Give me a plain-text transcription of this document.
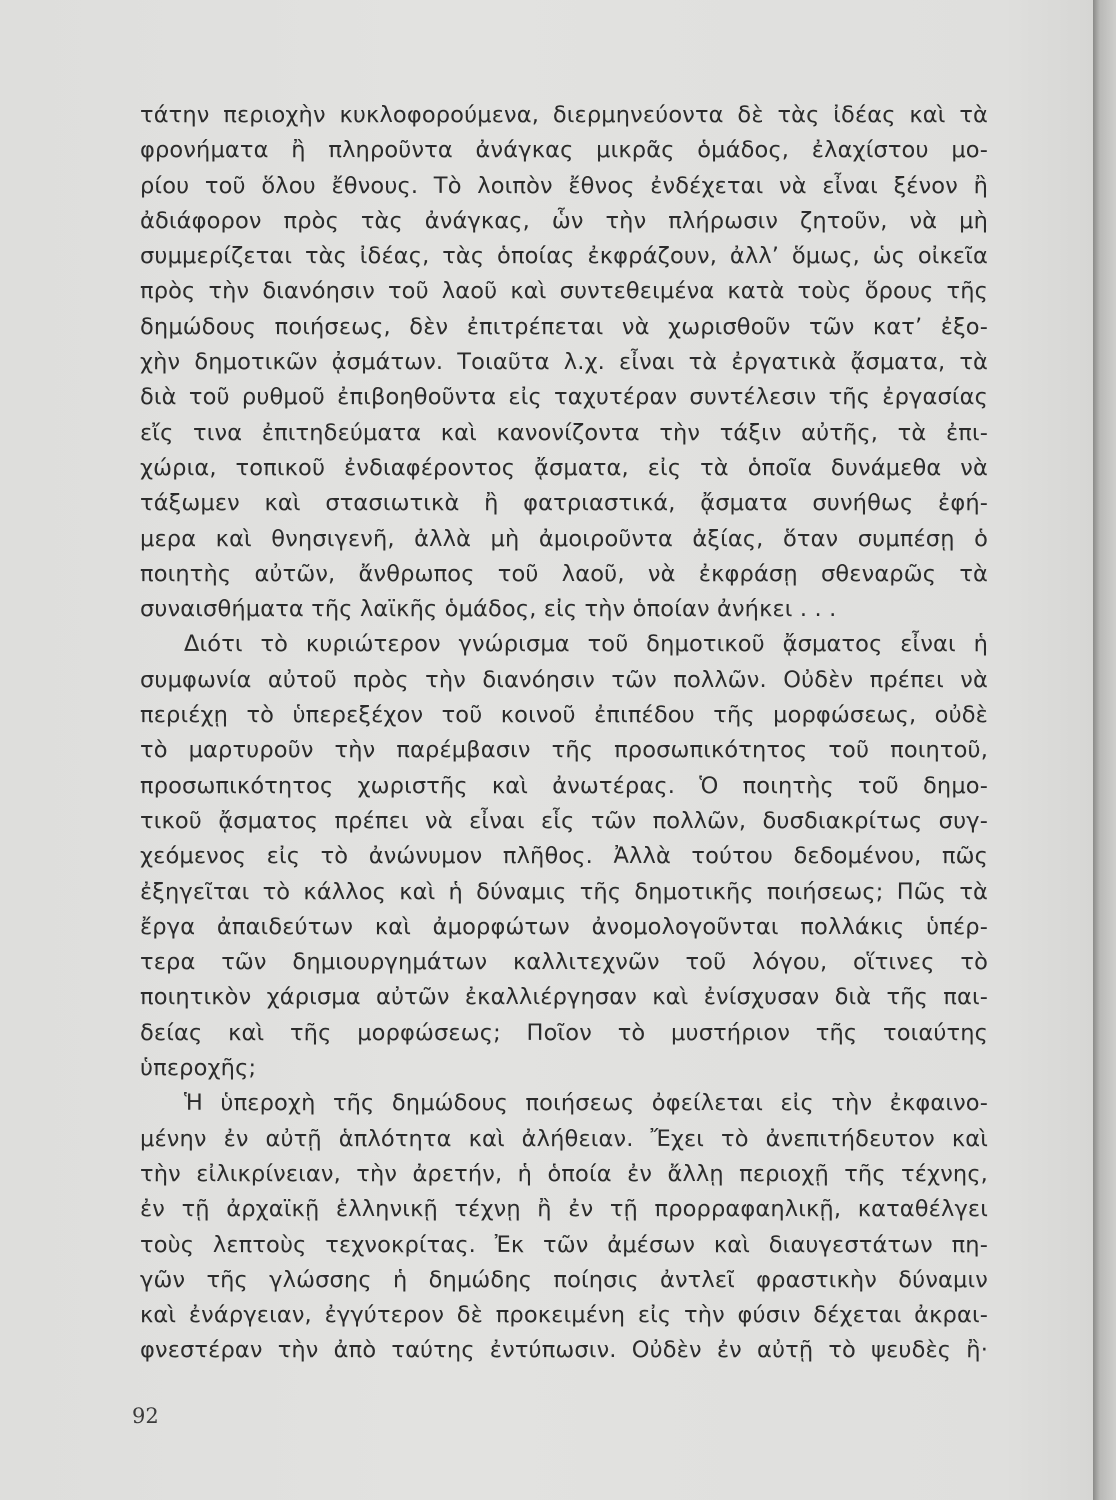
τάτην περιοχὴν κυκλοφορούμενα, διερμηνεύοντα δὲ τὰς ἰδέας καὶ τὰ
φρονήματα ἢ πληροῦντα ἀνάγκας μικρᾶς ὁμάδος, ἐλαχίστου μο-
ρίου τοῦ ὅλου ἔθνους. Τὸ λοιπὸν ἔθνος ἐνδέχεται νὰ εἶναι ξένον ἢ
ἀδιάφορον πρὸς τὰς ἀνάγκας, ὧν τὴν πλήρωσιν ζητοῦν, νὰ μὴ
συμμερίζεται τὰς ἰδέας, τὰς ὁποίας ἐκφράζουν, ἀλλ’ ὅμως, ὡς οἰκεῖα
πρὸς τὴν διανόησιν τοῦ λαοῦ καὶ συντεθειμένα κατὰ τοὺς ὅρους τῆς
δημώδους ποιήσεως, δὲν ἐπιτρέπεται νὰ χωρισθοῦν τῶν κατ’ ἐξο-
χὴν δημοτικῶν ᾀσμάτων. Τοιαῦτα λ.χ. εἶναι τὰ ἐργατικὰ ᾄσματα, τὰ
διὰ τοῦ ρυθμοῦ ἐπιβοηθοῦντα εἰς ταχυτέραν συντέλεσιν τῆς ἐργασίας
εἴς τινα ἐπιτηδεύματα καὶ κανονίζοντα τὴν τάξιν αὐτῆς, τὰ ἐπι-
χώρια, τοπικοῦ ἐνδιαφέροντος ᾄσματα, εἰς τὰ ὁποῖα δυνάμεθα νὰ
τάξωμεν καὶ στασιωτικὰ ἢ φατριαστικά, ᾄσματα συνήθως ἐφή-
μερα καὶ θνησιγενῆ, ἀλλὰ μὴ ἀμοιροῦντα ἀξίας, ὅταν συμπέσῃ ὁ
ποιητὴς αὐτῶν, ἄνθρωπος τοῦ λαοῦ, νὰ ἐκφράσῃ σθεναρῶς τὰ
συναισθήματα τῆς λαϊκῆς ὁμάδος, εἰς τὴν ὁποίαν ἀνήκει . . .
Διότι τὸ κυριώτερον γνώρισμα τοῦ δημοτικοῦ ᾄσματος εἶναι ἡ
συμφωνία αὐτοῦ πρὸς τὴν διανόησιν τῶν πολλῶν. Οὐδὲν πρέπει νὰ
περιέχῃ τὸ ὑπερεξέχον τοῦ κοινοῦ ἐπιπέδου τῆς μορφώσεως, οὐδὲ
τὸ μαρτυροῦν τὴν παρέμβασιν τῆς προσωπικότητος τοῦ ποιητοῦ,
προσωπικότητος χωριστῆς καὶ ἀνωτέρας. Ὁ ποιητὴς τοῦ δημο-
τικοῦ ᾄσματος πρέπει νὰ εἶναι εἷς τῶν πολλῶν, δυσδιακρίτως συγ-
χεόμενος εἰς τὸ ἀνώνυμον πλῆθος. Ἀλλὰ τούτου δεδομένου, πῶς
ἐξηγεῖται τὸ κάλλος καὶ ἡ δύναμις τῆς δημοτικῆς ποιήσεως; Πῶς τὰ
ἔργα ἀπαιδεύτων καὶ ἀμορφώτων ἀνομολογοῦνται πολλάκις ὑπέρ-
τερα τῶν δημιουργημάτων καλλιτεχνῶν τοῦ λόγου, οἵτινες τὸ
ποιητικὸν χάρισμα αὐτῶν ἐκαλλιέργησαν καὶ ἐνίσχυσαν διὰ τῆς παι-
δείας καὶ τῆς μορφώσεως; Ποῖον τὸ μυστήριον τῆς τοιαύτης
ὑπεροχῆς;
Ἡ ὑπεροχὴ τῆς δημώδους ποιήσεως ὀφείλεται εἰς τὴν ἐκφαινο-
μένην ἐν αὐτῇ ἁπλότητα καὶ ἀλήθειαν. Ἔχει τὸ ἀνεπιτήδευτον καὶ
τὴν εἰλικρίνειαν, τὴν ἀρετήν, ἡ ὁποία ἐν ἄλλῃ περιοχῇ τῆς τέχνης,
ἐν τῇ ἀρχαϊκῇ ἑλληνικῇ τέχνῃ ἢ ἐν τῇ προρραφαηλικῇ, καταθέλγει
τοὺς λεπτοὺς τεχνοκρίτας. Ἐκ τῶν ἀμέσων καὶ διαυγεστάτων πη-
γῶν τῆς γλώσσης ἡ δημώδης ποίησις ἀντλεῖ φραστικὴν δύναμιν
καὶ ἐνάργειαν, ἐγγύτερον δὲ προκειμένη εἰς τὴν φύσιν δέχεται ἀκραι-
φνεστέραν τὴν ἀπὸ ταύτης ἐντύπωσιν. Οὐδὲν ἐν αὐτῇ τὸ ψευδὲς ἢ·
92
